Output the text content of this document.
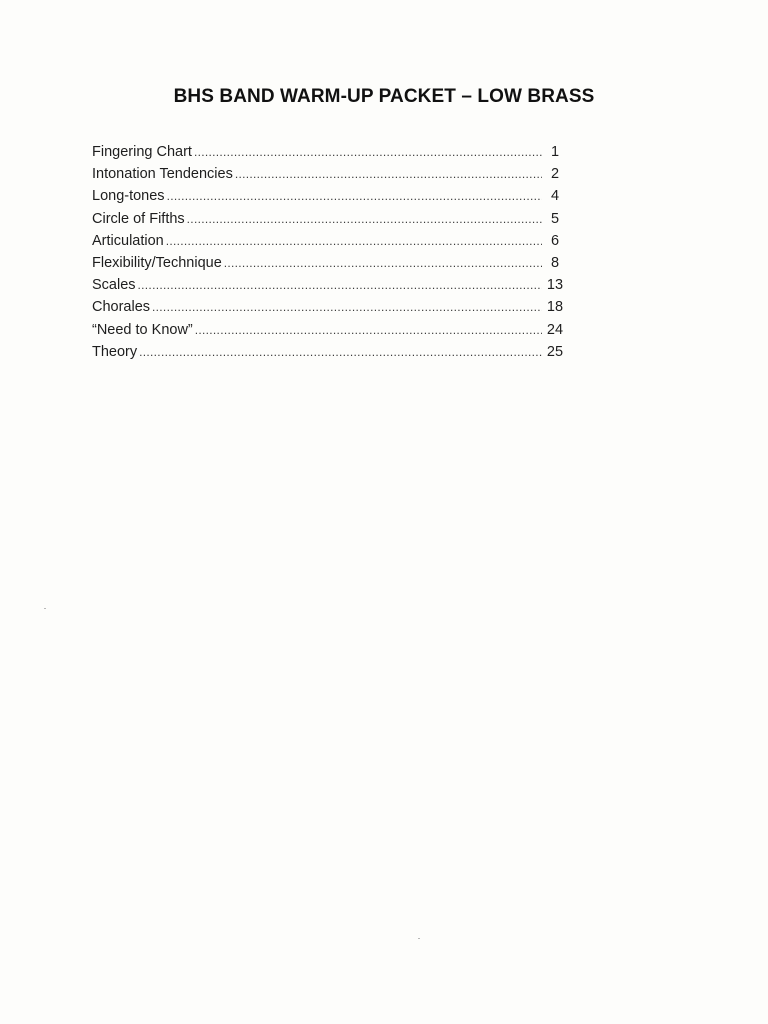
BHS BAND WARM-UP PACKET – LOW BRASS
Fingering Chart .....	1
Intonation Tendencies .....	2
Long-tones .....	4
Circle of Fifths .....	5
Articulation .....	6
Flexibility/Technique .....	8
Scales .....	13
Chorales .....	18
“Need to Know” .....	24
Theory .....	25
